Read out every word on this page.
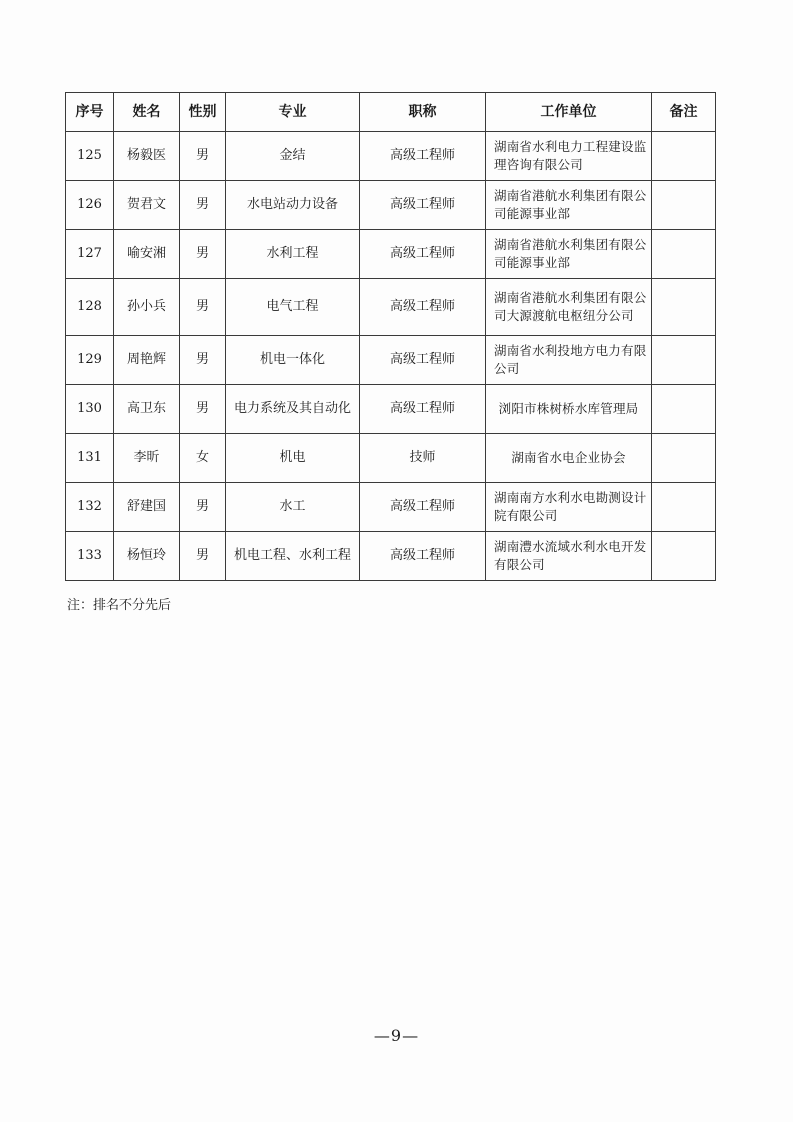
序号	姓名	性别	专业	职称	工作单位	备注
125	杨毅医	男	金结	高级工程师	湖南省水利电力工程建设监
理咨询有限公司	
126	贺君文	男	水电站动力设备	高级工程师	湖南省港航水利集团有限公
司能源事业部	
127	喻安湘	男	水利工程	高级工程师	湖南省港航水利集团有限公
司能源事业部	
128	孙小兵	男	电气工程	高级工程师	湖南省港航水利集团有限公
司大源渡航电枢纽分公司	
129	周艳辉	男	机电一体化	高级工程师	湖南省水利投地方电力有限
公司	
130	高卫东	男	电力系统及其自动化	高级工程师	浏阳市株树桥水库管理局	
131	李昕	女	机电	技师	湖南省水电企业协会	
132	舒建国	男	水工	高级工程师	湖南南方水利水电勘测设计
院有限公司	
133	杨恒玲	男	机电工程、水利工程	高级工程师	湖南澧水流域水利水电开发
有限公司	
注：排名不分先后
—9—
